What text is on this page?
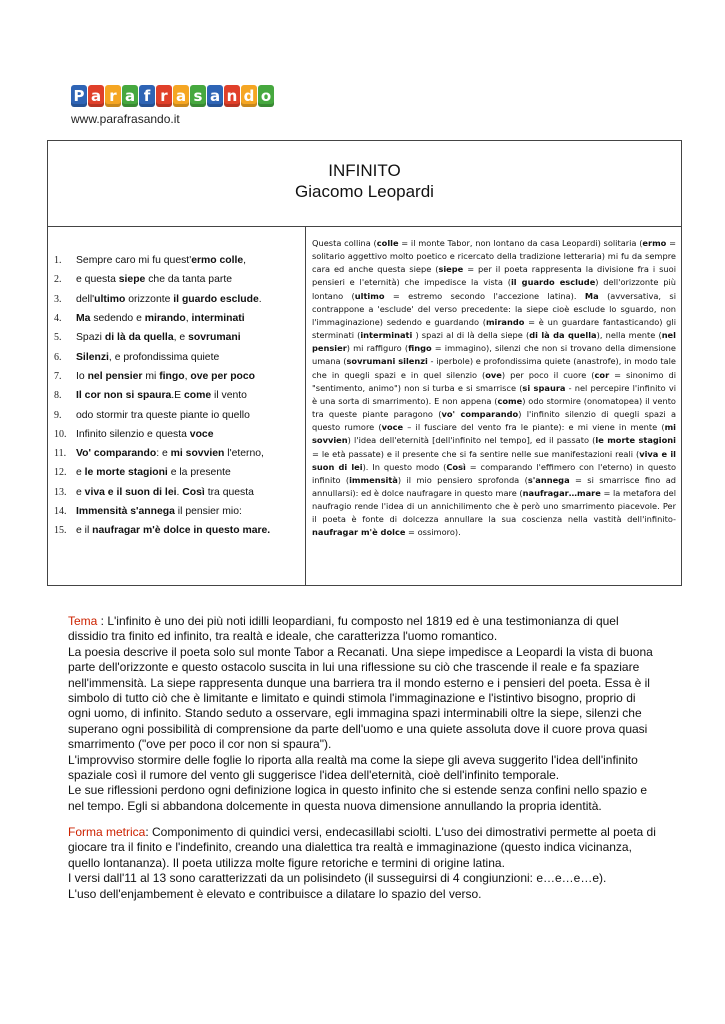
P a r a f r a s a n d o
www.parafrasando.it
INFINITO
Giacomo Leopardi
1.	Sempre caro mi fu quest'ermo colle,
2.	e questa siepe che da tanta parte
3.	dell'ultimo orizzonte il guardo esclude.
4.	Ma sedendo e mirando, interminati
5.	Spazi di là da quella, e sovrumani
6.	Silenzi, e profondissima quiete
7.	Io nel pensier mi fingo, ove per poco
8.	Il cor non si spaura.E come il vento
9.	odo stormir tra queste piante io quello
10. Infinito silenzio e questa voce
11. Vo' comparando: e mi sovvien l'eterno,
12. e le morte stagioni e la presente
13. e viva e il suon di lei. Così tra questa
14. Immensità s'annega il pensier mio:
15. e il naufragar m'è dolce in questo mare.

Questa collina (colle = il monte Tabor, non lontano da casa Leopardi) solitaria (ermo = solitario aggettivo molto poetico e ricercato della tradizione letteraria) mi fu da sempre cara ed anche questa siepe (siepe = per il poeta rappresenta la divisione fra i suoi pensieri e l'eternità) che impedisce la vista (il guardo esclude) dell'orizzonte più lontano (ultimo = estremo secondo l'accezione latina). Ma (avversativa, si contrappone a 'esclude' del verso precedente: la siepe cioè esclude lo sguardo, non l'immaginazione) sedendo e guardando (mirando = è un guardare fantasticando) gli sterminati (interminati ) spazi al di là della siepe (di là da quella), nella mente (nel pensier) mi raffiguro (fingo = immagino), silenzi che non si trovano della dimensione umana (sovrumani silenzi - iperbole) e profondissima quiete (anastrofe), in modo tale che in quegli spazi e in quel silenzio (ove) per poco il cuore (cor = sinonimo di "sentimento, animo") non si turba e si smarrisce (si spaura - nel percepire l'infinito vi è una sorta di smarrimento). E non appena (come) odo stormire (onomatopea) il vento tra queste piante paragono (vo' comparando) l'infinito silenzio di quegli spazi a questo rumore (voce – il fusciare del vento fra le piante): e mi viene in mente (mi sovvien) l'idea dell'eternità [dell'infinito nel tempo], ed il passato (le morte stagioni = le età passate) e il presente che si fa sentire nelle sue manifestazioni reali (viva e il suon di lei). In questo modo (Così = comparando l'effimero con l'eterno) in questo infinito (immensità) il mio pensiero sprofonda (s'annega = si smarrisce fino ad annullarsi): ed è dolce naufragare in questo mare (naufragar…mare = la metafora del naufragio rende l'idea di un annichilimento che è però uno smarrimento piacevole. Per il poeta è fonte di dolcezza annullare la sua coscienza nella vastità dell'infinito- naufragar m'è dolce = ossimoro).

Tema : L'infinito è uno dei più noti idilli leopardiani, fu composto nel 1819 ed è una testimonianza di quel dissidio tra finito ed infinito, tra realtà e ideale, che caratterizza l'uomo romantico.
La poesia descrive il poeta solo sul monte Tabor a Recanati. Una siepe impedisce a Leopardi la vista di buona parte dell'orizzonte e questo ostacolo suscita in lui una riflessione su ciò che trascende il reale e fa spaziare nell'immensità. La siepe rappresenta dunque una barriera tra il mondo esterno e i pensieri del poeta. Essa è il simbolo di tutto ciò che è limitante e limitato e quindi stimola l'immaginazione e l'istintivo bisogno, proprio di ogni uomo, di infinito. Stando seduto a osservare, egli immagina spazi interminabili oltre la siepe, silenzi che superano ogni possibilità di comprensione da parte dell'uomo e una quiete assoluta dove il cuore prova quasi smarrimento ("ove per poco il cor non si spaura").
L'improvviso stormire delle foglie lo riporta alla realtà ma come la siepe gli aveva suggerito l'idea dell'infinito spaziale così il rumore del vento gli suggerisce l'idea dell'eternità, cioè dell'infinito temporale.
Le sue riflessioni perdono ogni definizione logica in questo infinito che si estende senza confini nello spazio e nel tempo. Egli si abbandona dolcemente in questa nuova dimensione annullando la propria identità.
Forma metrica: Componimento di quindici versi, endecasillabi sciolti. L'uso dei dimostrativi permette al poeta di giocare tra il finito e l'indefinito, creando una dialettica tra realtà e immaginazione (questo indica vicinanza, quello lontananza). Il poeta utilizza molte figure retoriche e termini di origine latina.
I versi dall'11 al 13 sono caratterizzati da un polisindeto (il susseguirsi di 4 congiunzioni: e…e…e…e).
L'uso dell'enjambement è elevato e contribuisce a dilatare lo spazio del verso.
